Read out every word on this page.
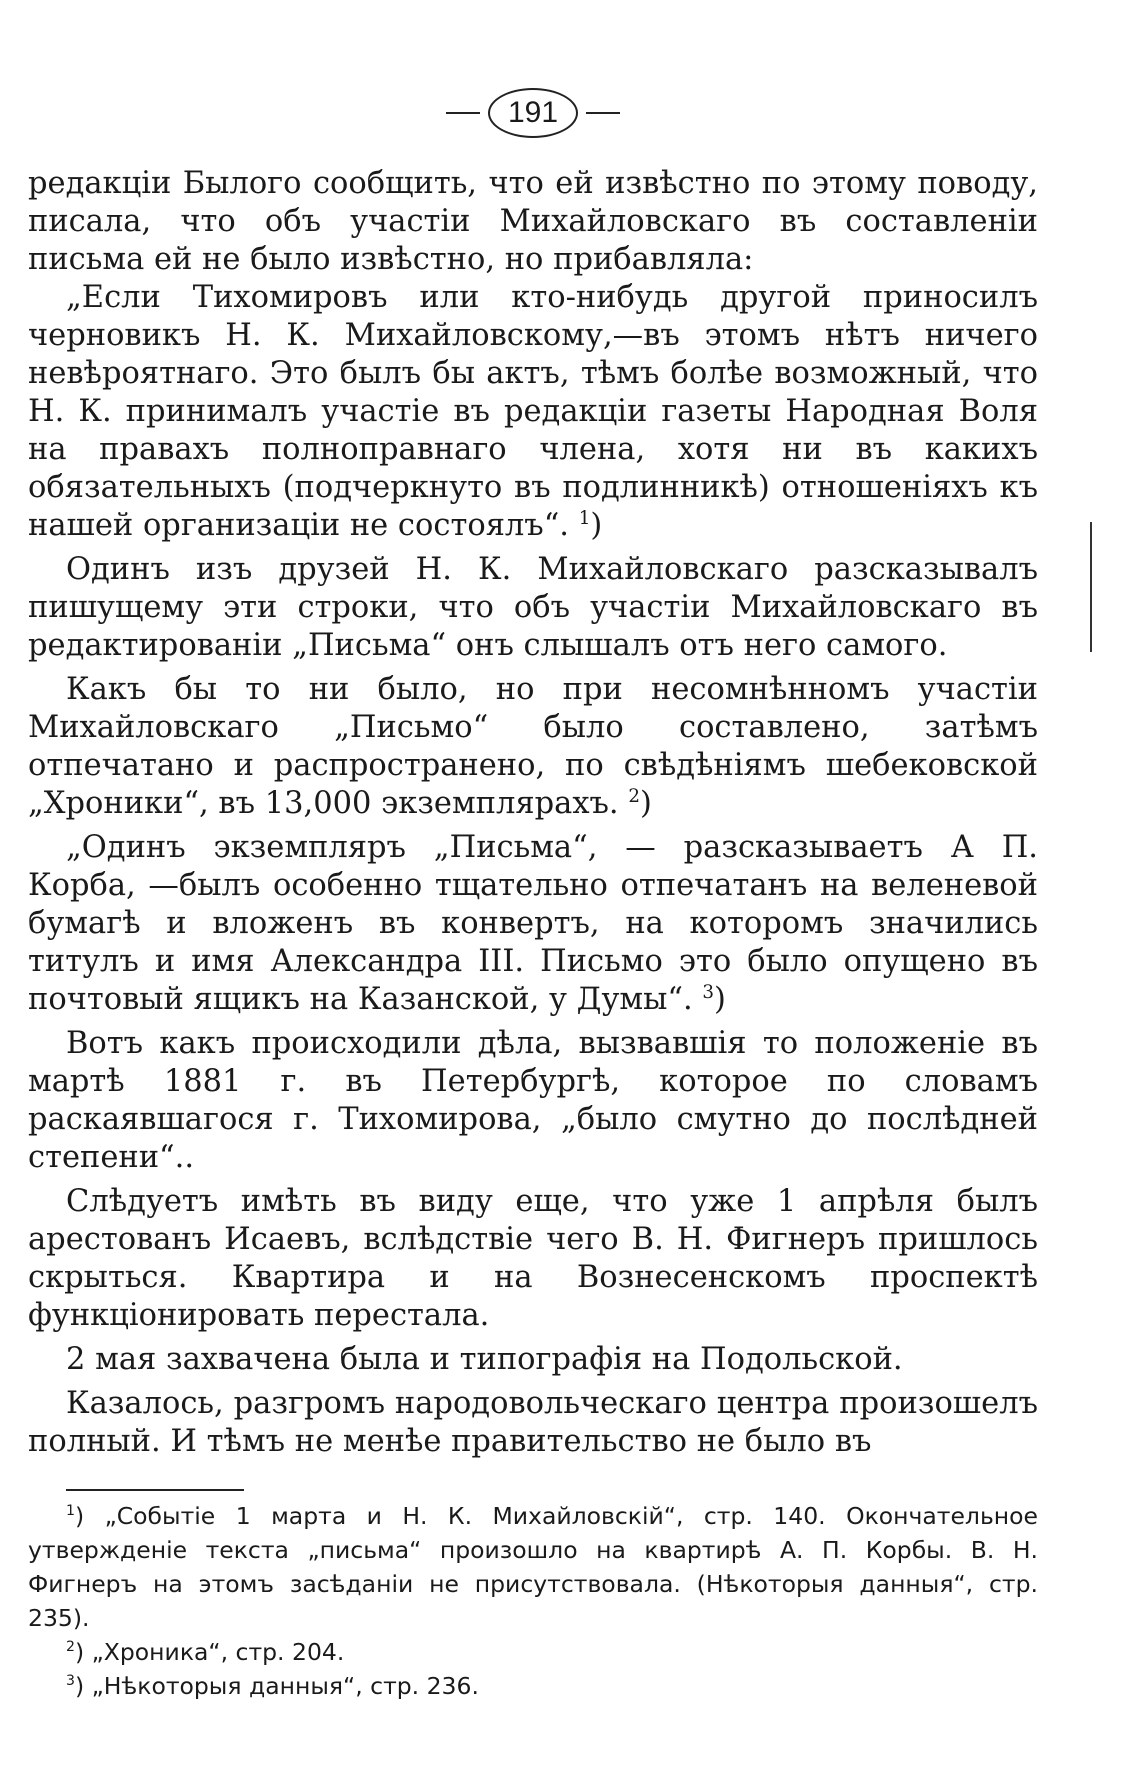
191

редакціи Былого сообщить, что ей извѣстно по этому поводу, писала, что объ участіи Михайловскаго въ составленіи письма ей не было извѣстно, но прибавляла:

„Если Тихомировъ или кто-нибудь другой приносилъ черновикъ Н. К. Михайловскому,—въ этомъ нѣтъ ничего невѣроятнаго. Это былъ бы актъ, тѣмъ болѣе возможный, что Н. К. принималъ участіе въ редакціи газеты Народная Воля на правахъ полноправнаго члена, хотя ни въ какихъ обязательныхъ (подчеркнуто въ подлинникѣ) отношеніяхъ къ нашей организаціи не состоялъ“. $^1$)

Одинъ изъ друзей Н. К. Михайловскаго разсказывалъ пишущему эти строки, что объ участіи Михайловскаго въ редактированіи „Письма“ онъ слышалъ отъ него самого.

Какъ бы то ни было, но при несомнѣнномъ участіи Михайловскаго „Письмо“ было составлено, затѣмъ отпечатано и распространено, по свѣдѣніямъ шебековской „Хроники“, въ 13,000 экземплярахъ. $^2$)

„Одинъ экземпляръ „Письма“, — разсказываетъ А П. Корба, —былъ особенно тщательно отпечатанъ на веленевой бумагѣ и вложенъ въ конвертъ, на которомъ значились титулъ и имя Александра III. Письмо это было опущено въ почтовый ящикъ на Казанской, у Думы“. $^3$)

Вотъ какъ происходили дѣла, вызвавшія то положеніе въ мартѣ 1881 г. въ Петербургѣ, которое по словамъ раскаявшагося г. Тихомирова, „было смутно до послѣдней степени“..

Слѣдуетъ имѣть въ виду еще, что уже 1 апрѣля былъ арестованъ Исаевъ, вслѣдствіе чего В. Н. Фигнеръ пришлось скрыться. Квартира и на Вознесенскомъ проспектѣ функціонировать перестала.

2 мая захвачена была и типографія на Подольской.

Казалось, разгромъ народовольческаго центра произошелъ полный. И тѣмъ не менѣе правительство не было въ

$^1$) „Событіе 1 марта и Н. К. Михайловскій“, стр. 140. Окончательное утвержденіе текста „письма“ произошло на квартирѣ А. П. Корбы. В. Н. Фигнеръ на этомъ засѣданіи не присутствовала. (Нѣкоторыя данныя“, стр. 235).

$^2$) „Хроника“, стр. 204.

$^3$) „Нѣкоторыя данныя“, стр. 236.
